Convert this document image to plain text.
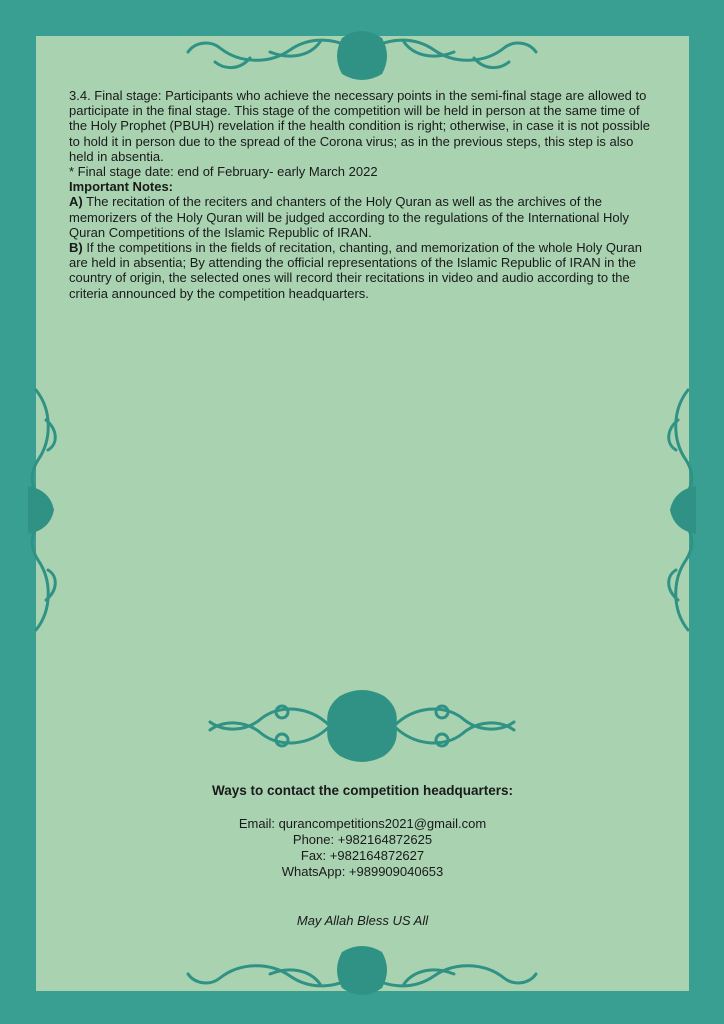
3.4. Final stage: Participants who achieve the necessary points in the semi-final stage are allowed to participate in the final stage. This stage of the competition will be held in person at the same time of the Holy Prophet (PBUH) revelation if the health condition is right; otherwise, in case it is not possible to hold it in person due to the spread of the Corona virus; as in the previous steps, this step is also held in absentia.

* Final stage date: end of February- early March 2022

Important Notes:

A) The recitation of the reciters and chanters of the Holy Quran as well as the archives of the memorizers of the Holy Quran will be judged according to the regulations of the International Holy Quran Competitions of the Islamic Republic of IRAN.

B) If the competitions in the fields of recitation, chanting, and memorization of the whole Holy Quran are held in absentia; By attending the official representations of the Islamic Republic of IRAN in the country of origin, the selected ones will record their recitations in video and audio according to the criteria announced by the competition headquarters.

Ways to contact the competition headquarters:
Email: qurancompetitions2021@gmail.com
Phone: +982164872625
Fax: +982164872627
WhatsApp: +989909040653
May Allah Bless US All
